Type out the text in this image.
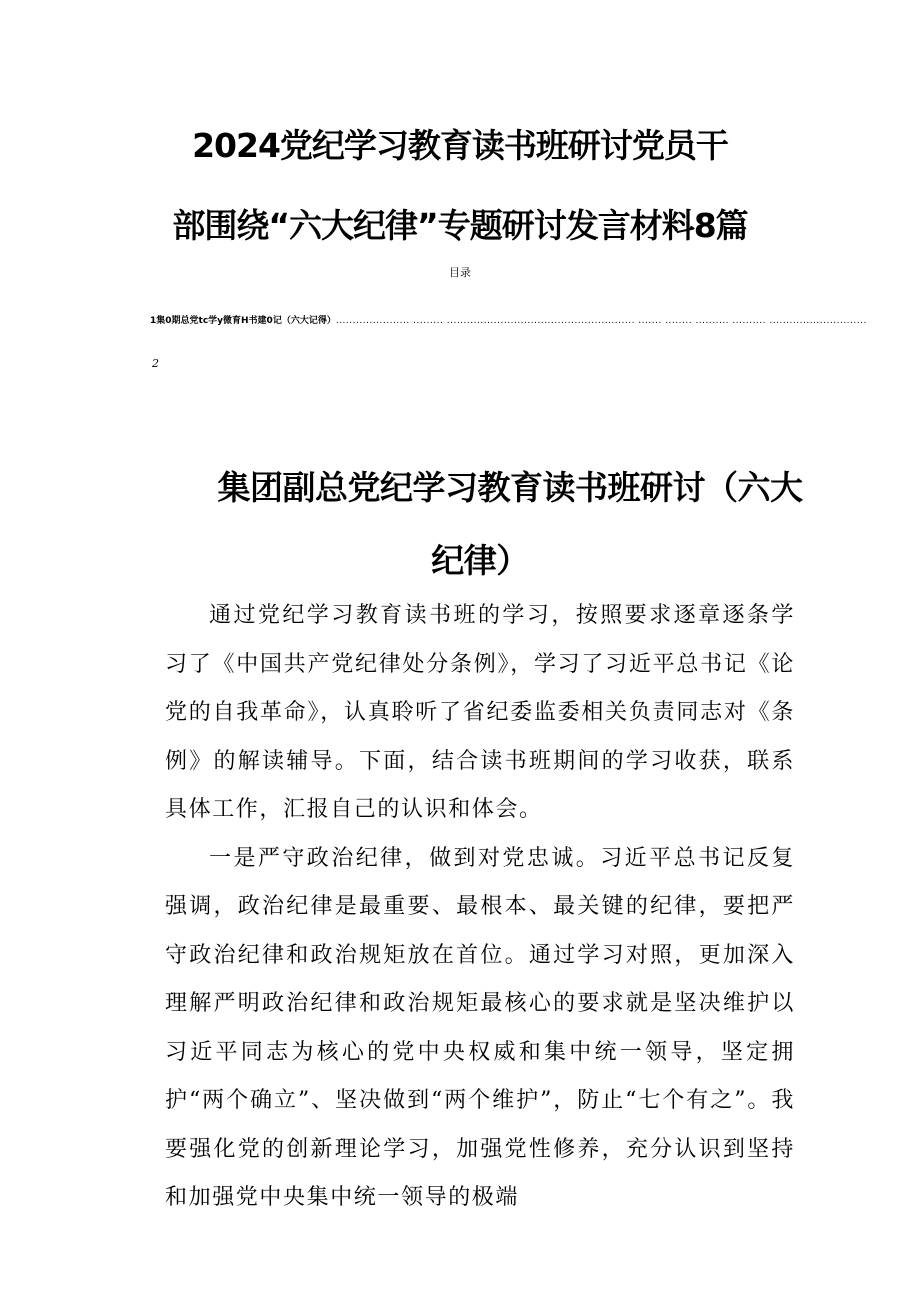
2024党纪学习教育读书班研讨党员干
部围绕“六大纪律”专题研讨发言材料8篇
目录
1集0期总党tc学y微育H书建0记（六大记得）...................... ......... ........................................................ ....... ........ .......... .......... .............................
2
集团副总党纪学习教育读书班研讨（六大
纪律）

通过党纪学习教育读书班的学习，按照要求逐章逐条学习了《中国共产党纪律处分条例》，学习了习近平总书记《论党的自我革命》，认真聆听了省纪委监委相关负责同志对《条例》的解读辅导。下面，结合读书班期间的学习收获，联系具体工作，汇报自己的认识和体会。

一是严守政治纪律，做到对党忠诚。习近平总书记反复强调，政治纪律是最重要、最根本、最关键的纪律，要把严守政治纪律和政治规矩放在首位。通过学习对照，更加深入理解严明政治纪律和政治规矩最核心的要求就是坚决维护以习近平同志为核心的党中央权威和集中统一领导，坚定拥护“两个确立”、坚决做到“两个维护”，防止“七个有之”。我要强化党的创新理论学习，加强党性修养，充分认识到坚持和加强党中央集中统一领导的极端
